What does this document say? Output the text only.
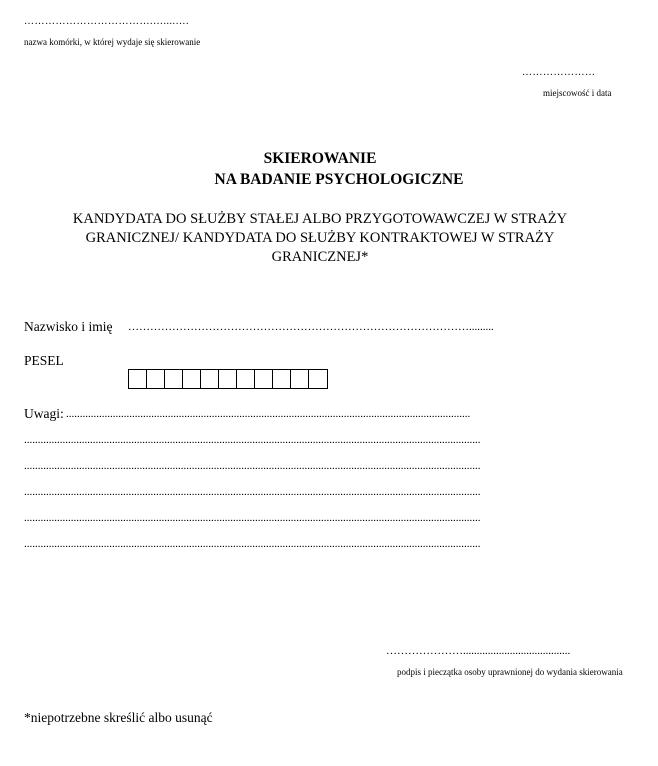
……………………………….…....….
nazwa komórki, w której wydaje się skierowanie
…………………
miejscowość i data
SKIEROWANIE
NA BADANIE PSYCHOLOGICZNE
KANDYDATA DO SŁUŻBY STAŁEJ ALBO PRZYGOTOWAWCZEJ W STRAŻY
GRANICZNEJ/ KANDYDATA DO SŁUŻBY KONTRAKTOWEJ W STRAŻY
GRANICZNEJ*
Nazwisko i imię ………………………………………………………………………………….........
PESEL
Uwagi: ...................................................................................................................................................
......................................................................................................................................................................
......................................................................................................................................................................
......................................................................................................................................................................
......................................................................................................................................................................
......................................................................................................................................................................
………………….......................................
podpis i pieczątka osoby uprawnionej do wydania skierowania
*niepotrzebne skreślić albo usunąć
